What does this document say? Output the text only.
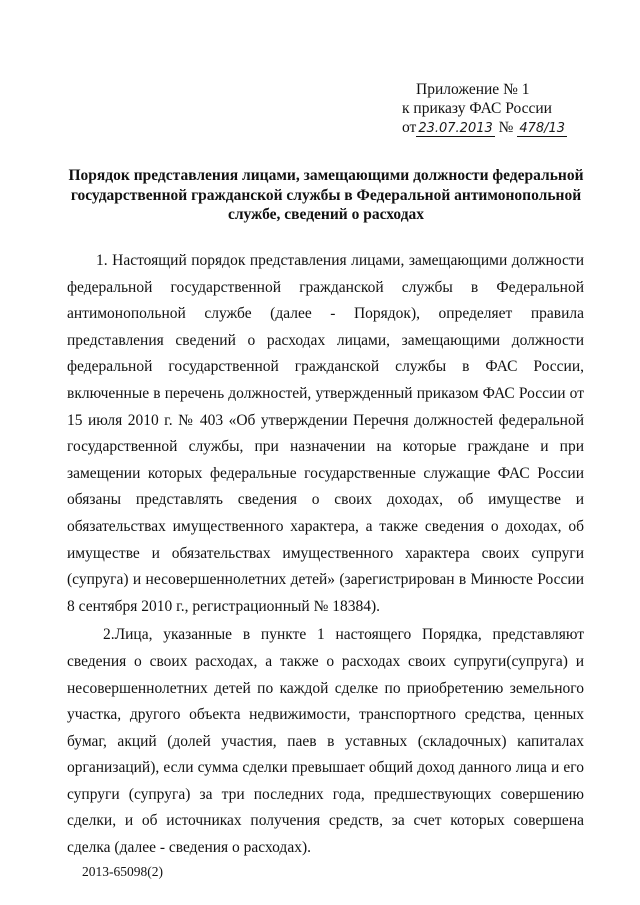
Приложение № 1
к приказу ФАС России
от 23.07.2013 № 478/13
Порядок представления лицами, замещающими должности федеральной государственной гражданской службы в Федеральной антимонопольной службе, сведений о расходах

1. Настоящий порядок представления лицами, замещающими должности федеральной государственной гражданской службы в Федеральной антимонопольной службе (далее - Порядок), определяет правила представления сведений о расходах лицами, замещающими должности федеральной государственной гражданской службы в ФАС России, включенные в перечень должностей, утвержденный приказом ФАС России от 15 июля 2010 г. № 403 «Об утверждении Перечня должностей федеральной государственной службы, при назначении на которые граждане и при замещении которых федеральные государственные служащие ФАС России обязаны представлять сведения о своих доходах, об имуществе и обязательствах имущественного характера, а также сведения о доходах, об имуществе и обязательствах имущественного характера своих супруги (супруга) и несовершеннолетних детей» (зарегистрирован в Минюсте России 8 сентября 2010 г., регистрационный № 18384).

2.Лица, указанные в пункте 1 настоящего Порядка, представляют сведения о своих расходах, а также о расходах своих супруги(супруга) и несовершеннолетних детей по каждой сделке по приобретению земельного участка, другого объекта недвижимости, транспортного средства, ценных бумаг, акций (долей участия, паев в уставных (складочных) капиталах организаций), если сумма сделки превышает общий доход данного лица и его супруги (супруга) за три последних года, предшествующих совершению сделки, и об источниках получения средств, за счет которых совершена сделка (далее - сведения о расходах).

2013-65098(2)
